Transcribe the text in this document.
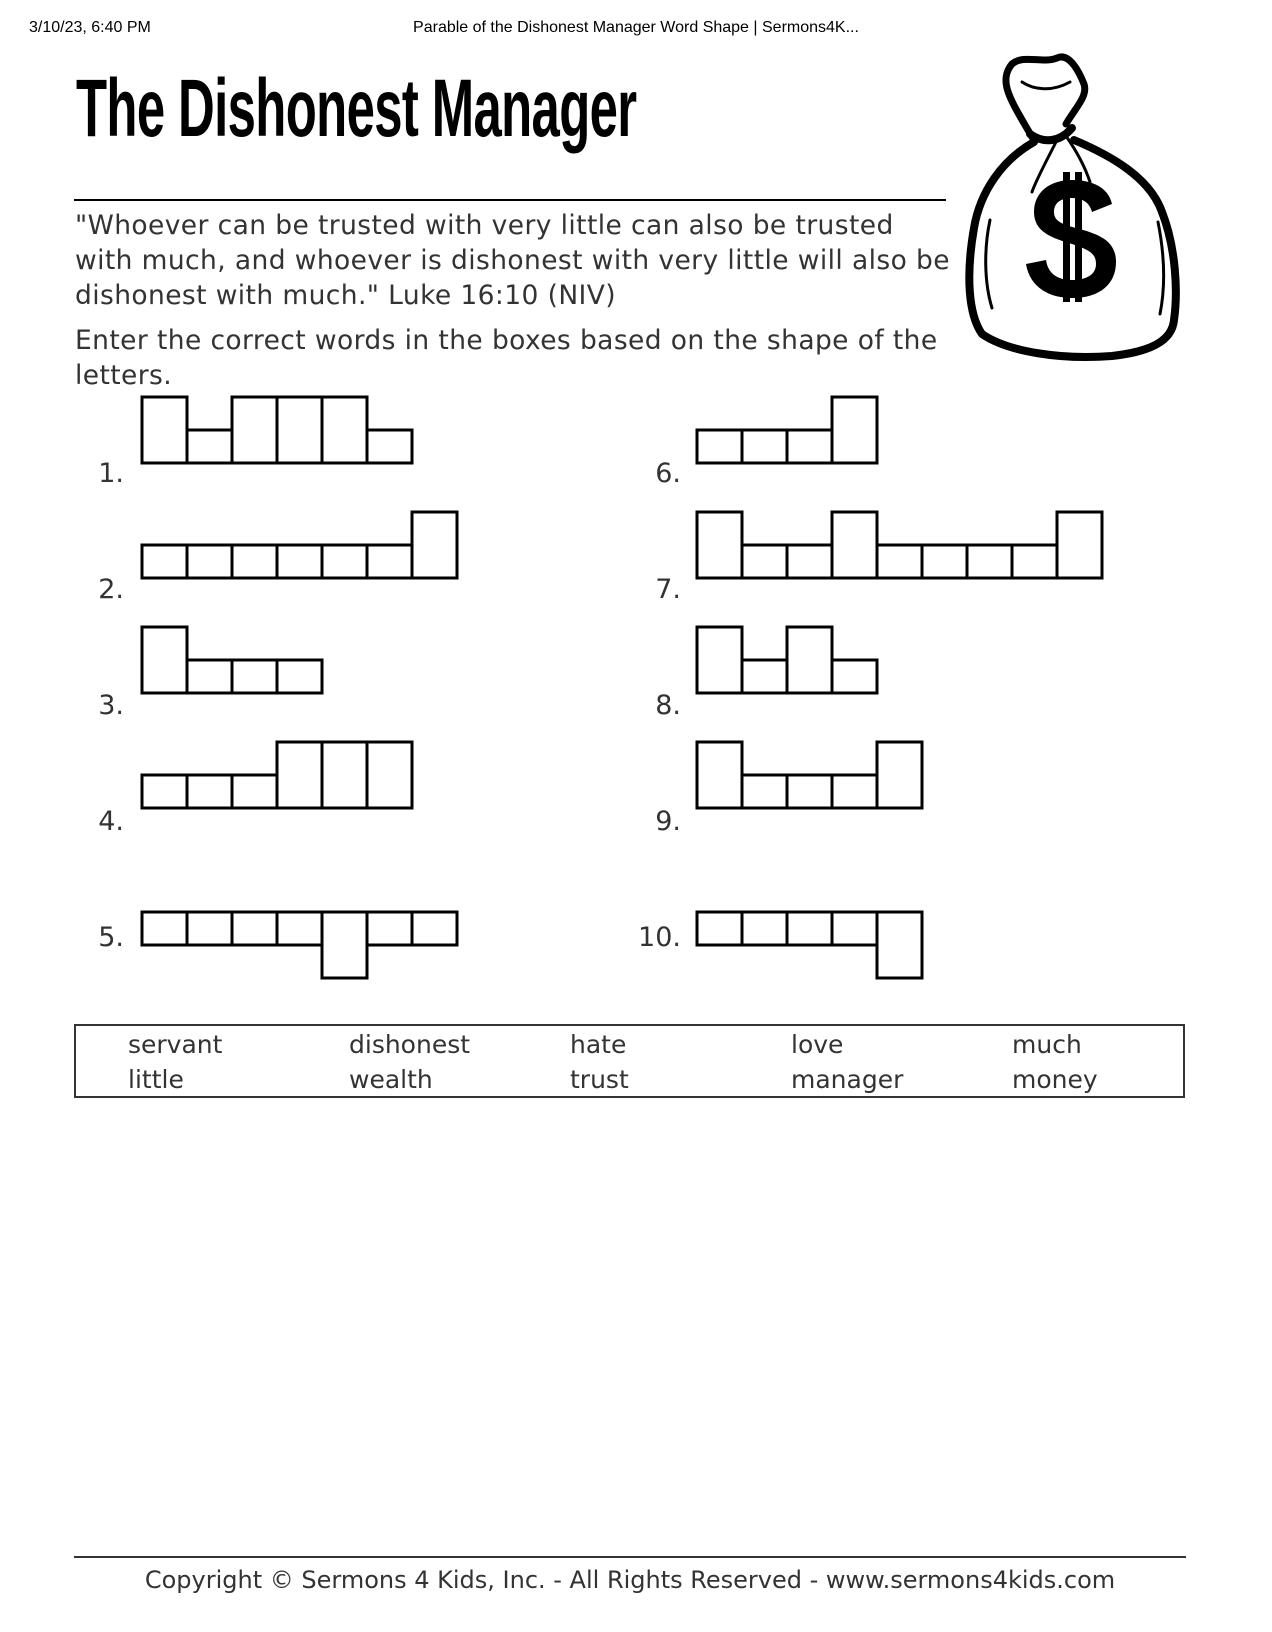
3/10/23, 6:40 PM	Parable of the Dishonest Manager Word Shape | Sermons4K...
The Dishonest Manager

"Whoever can be trusted with very little can also be trusted with much, and whoever is dishonest with very little will also be dishonest with much." Luke 16:10 (NIV)

Enter the correct words in the boxes based on the shape of the letters.

1.
2.
3.
4.
5.
6.
7.
8.
9.
10.
servant	dishonest	hate	love	much
little	wealth	trust	manager	money
Copyright © Sermons 4 Kids, Inc. - All Rights Reserved - www.sermons4kids.com
